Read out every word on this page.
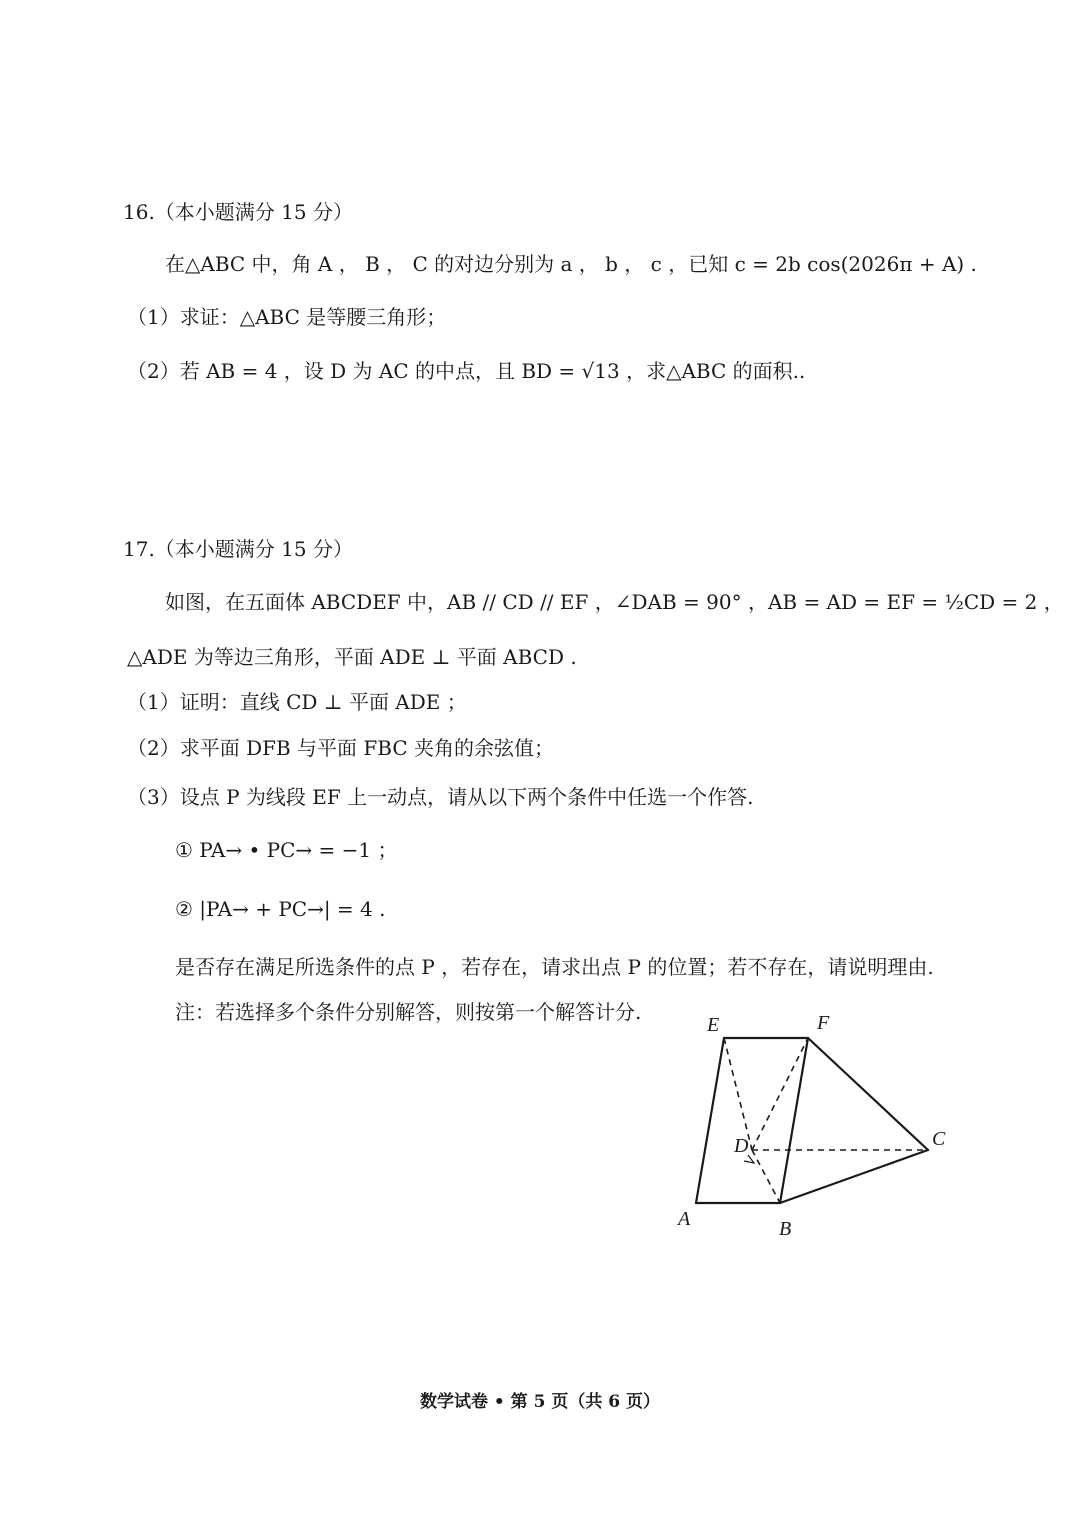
16.（本小题满分 15 分）
在△ABC 中，角 A ， B ， C 的对边分别为 a ， b ， c ，已知 c = 2b cos(2026π + A) .
（1）求证：△ABC 是等腰三角形；
（2）若 AB = 4 ，设 D 为 AC 的中点，且 BD = √13 ，求△ABC 的面积..
17.（本小题满分 15 分）
如图，在五面体 ABCDEF 中，AB // CD // EF ，∠DAB = 90° ，AB = AD = EF = ½CD = 2 ，
△ADE 为等边三角形，平面 ADE ⊥ 平面 ABCD .
（1）证明：直线 CD ⊥ 平面 ADE ；
（2）求平面 DFB 与平面 FBC 夹角的余弦值；
（3）设点 P 为线段 EF 上一动点，请从以下两个条件中任选一个作答.
① PA→ • PC→ = −1 ；
② |PA→ + PC→| = 4 .
是否存在满足所选条件的点 P ，若存在，请求出点 P 的位置；若不存在，请说明理由.
注：若选择多个条件分别解答，则按第一个解答计分.
E	F
C
D
A	B
数学试卷 • 第 5 页（共 6 页）
